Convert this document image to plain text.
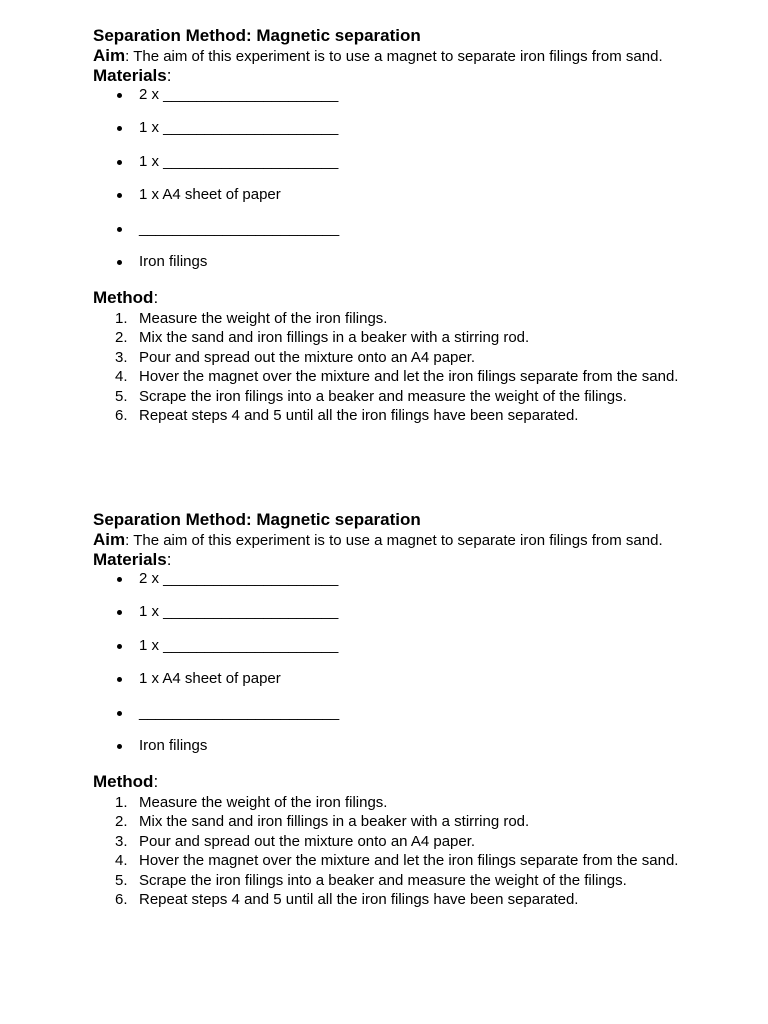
Separation Method: Magnetic separation
Aim: The aim of this experiment is to use a magnet to separate iron filings from sand.
Materials:
2 x _____________________
1 x _____________________
1 x _____________________
1 x A4 sheet of paper
________________________
Iron filings
Method:
1. Measure the weight of the iron filings.
2. Mix the sand and iron fillings in a beaker with a stirring rod.
3. Pour and spread out the mixture onto an A4 paper.
4. Hover the magnet over the mixture and let the iron filings separate from the sand.
5. Scrape the iron filings into a beaker and measure the weight of the filings.
6. Repeat steps 4 and 5 until all the iron filings have been separated.
Separation Method: Magnetic separation
Aim: The aim of this experiment is to use a magnet to separate iron filings from sand.
Materials:
2 x _____________________
1 x _____________________
1 x _____________________
1 x A4 sheet of paper
________________________
Iron filings
Method:
1. Measure the weight of the iron filings.
2. Mix the sand and iron fillings in a beaker with a stirring rod.
3. Pour and spread out the mixture onto an A4 paper.
4. Hover the magnet over the mixture and let the iron filings separate from the sand.
5. Scrape the iron filings into a beaker and measure the weight of the filings.
6. Repeat steps 4 and 5 until all the iron filings have been separated.
